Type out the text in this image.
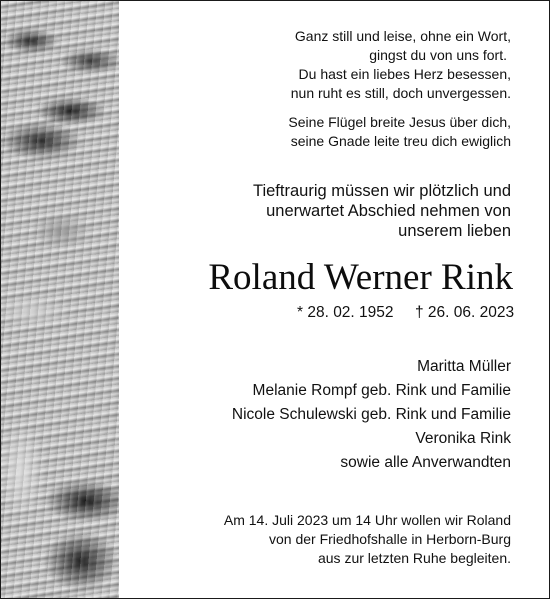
Ganz still und leise, ohne ein Wort,
gingst du von uns fort.
Du hast ein liebes Herz besessen,
nun ruht es still, doch unvergessen.
Seine Flügel breite Jesus über dich,
seine Gnade leite treu dich ewiglich
Tieftraurig müssen wir plötzlich und
unerwartet Abschied nehmen von
unserem lieben
Roland Werner Rink
* 28. 02. 1952 † 26. 06. 2023
Maritta Müller
Melanie Rompf geb. Rink und Familie
Nicole Schulewski geb. Rink und Familie
Veronika Rink
sowie alle Anverwandten
Am 14. Juli 2023 um 14 Uhr wollen wir Roland
von der Friedhofshalle in Herborn-Burg
aus zur letzten Ruhe begleiten.
